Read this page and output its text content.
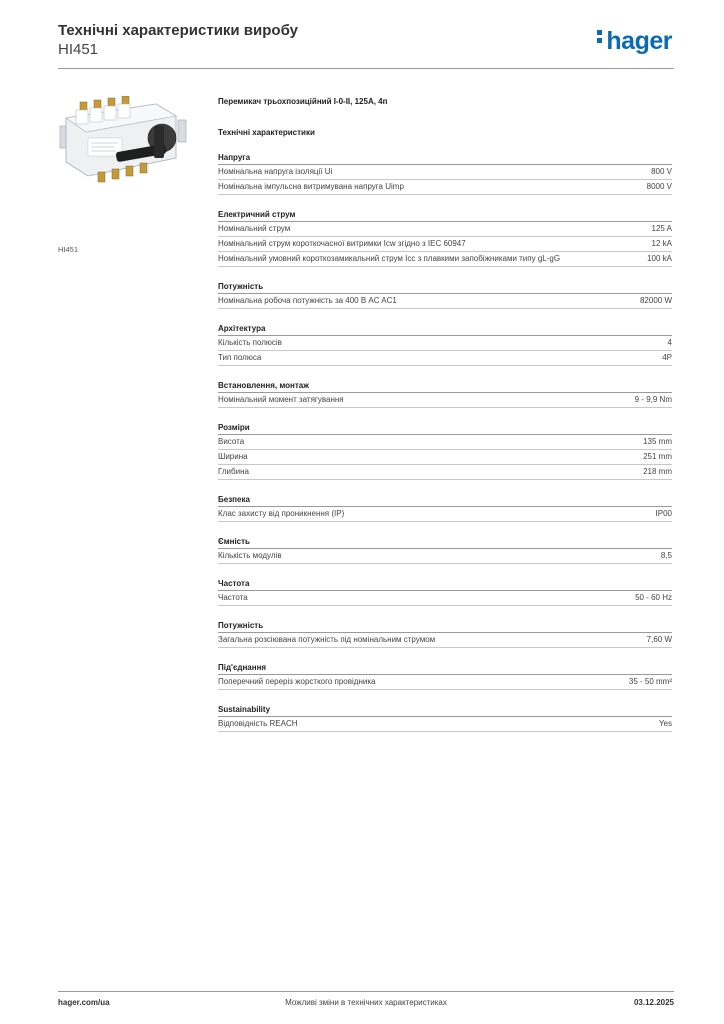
Технічні характеристики виробу
HI451	hager
HI451
Перемикач трьохпозиційний I-0-II, 125A, 4п
Технічні характеристики
Напруга
Номінальна напруга ізоляції Ui	800 V
Номінальна імпульсна витримувана напруга Uimp	8000 V
Електричний струм
Номінальний струм	125 A
Номінальний струм короткочасної витримки Icw згідно з IEC 60947	12 kA
Номінальний умовний короткозамикальний струм Icc з плавкими запобіжниками типу gL-gG	100 kA
Потужність
Номінальна робоча потужність за 400 В AC AC1	82000 W
Архітектура
Кількість полюсів	4
Тип полюса	4P
Встановлення, монтаж
Номінальний момент затягування	9 - 9,9 Nm
Розміри
Висота	135 mm
Ширина	251 mm
Глибина	218 mm
Безпека
Клас захисту від проникнення (IP)	IP00
Ємність
Кількість модулів	8,5
Частота
Частота	50 - 60 Hz
Потужність
Загальна розсіювана потужність під номінальним струмом	7,60 W
Під'єднання
Поперечний переріз жорсткого провідника	35 - 50 mm²
Sustainability
Відповідність REACH	Yes
hager.com/ua	Можливі зміни в технічних характеристиках	03.12.2025
